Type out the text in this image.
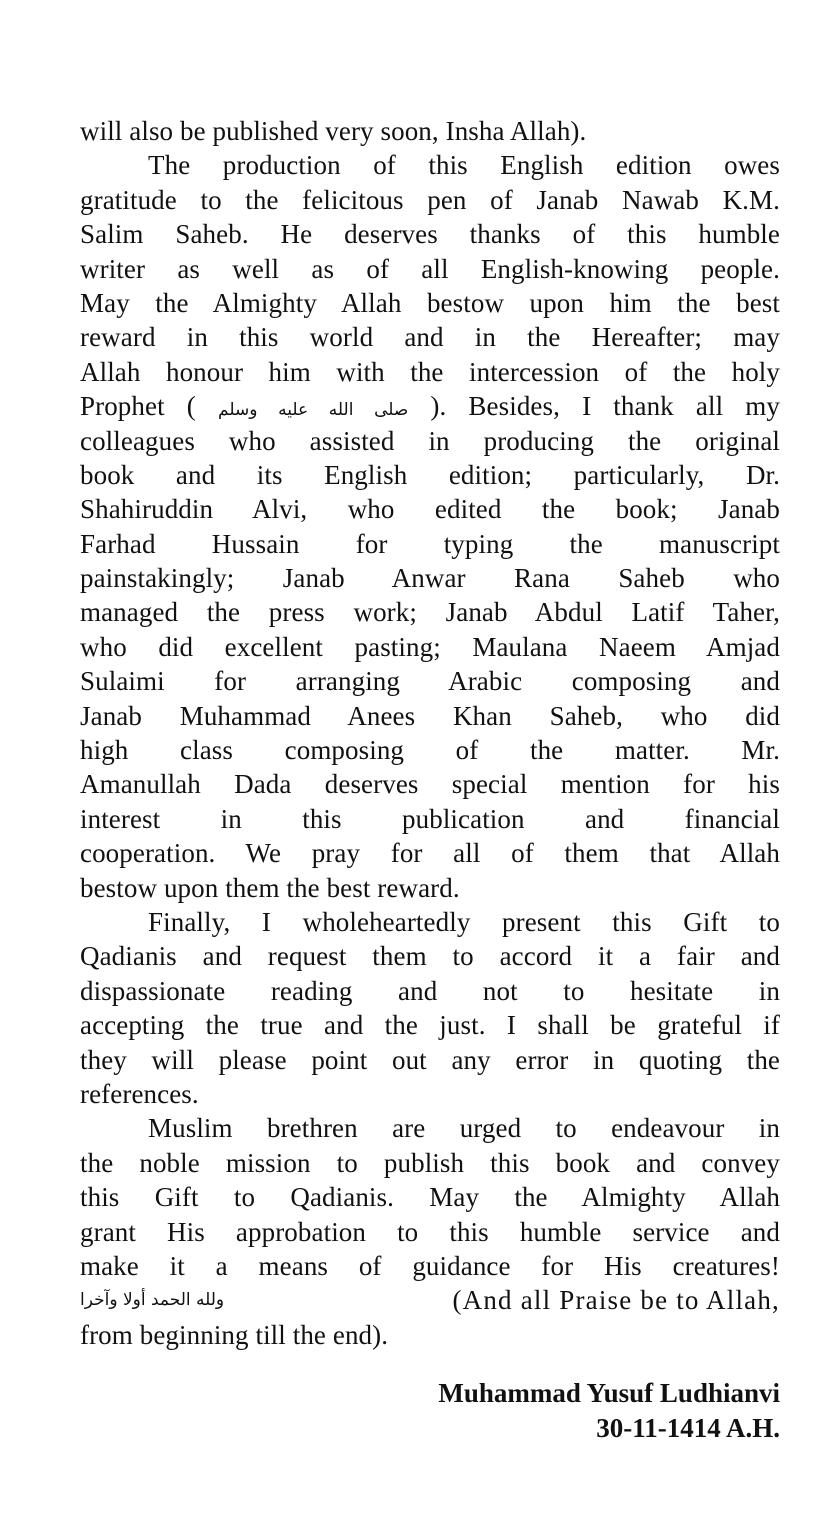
will also be published very soon, Insha Allah).
The production of this English edition owes
gratitude to the felicitous pen of Janab Nawab K.M.
Salim Saheb. He deserves thanks of this humble
writer as well as of all English-knowing people.
May the Almighty Allah bestow upon him the best
reward in this world and in the Hereafter; may
Allah honour him with the intercession of the holy
Prophet ( صلى الله عليه وسلم ). Besides, I thank all my
colleagues who assisted in producing the original
book and its English edition; particularly, Dr.
Shahiruddin Alvi, who edited the book; Janab
Farhad Hussain for typing the manuscript
painstakingly; Janab Anwar Rana Saheb who
managed the press work; Janab Abdul Latif Taher,
who did excellent pasting; Maulana Naeem Amjad
Sulaimi for arranging Arabic composing and
Janab Muhammad Anees Khan Saheb, who did
high class composing of the matter. Mr.
Amanullah Dada deserves special mention for his
interest in this publication and financial
cooperation. We pray for all of them that Allah
bestow upon them the best reward.
Finally, I wholeheartedly present this Gift to
Qadianis and request them to accord it a fair and
dispassionate reading and not to hesitate in
accepting the true and the just. I shall be grateful if
they will please point out any error in quoting the
references.
Muslim brethren are urged to endeavour in
the noble mission to publish this book and convey
this Gift to Qadianis. May the Almighty Allah
grant His approbation to this humble service and
make it a means of guidance for His creatures!
ولله الحمد أولا وآخرا	(And all Praise be to Allah,
from beginning till the end).
Muhammad Yusuf Ludhianvi
30-11-1414 A.H.
